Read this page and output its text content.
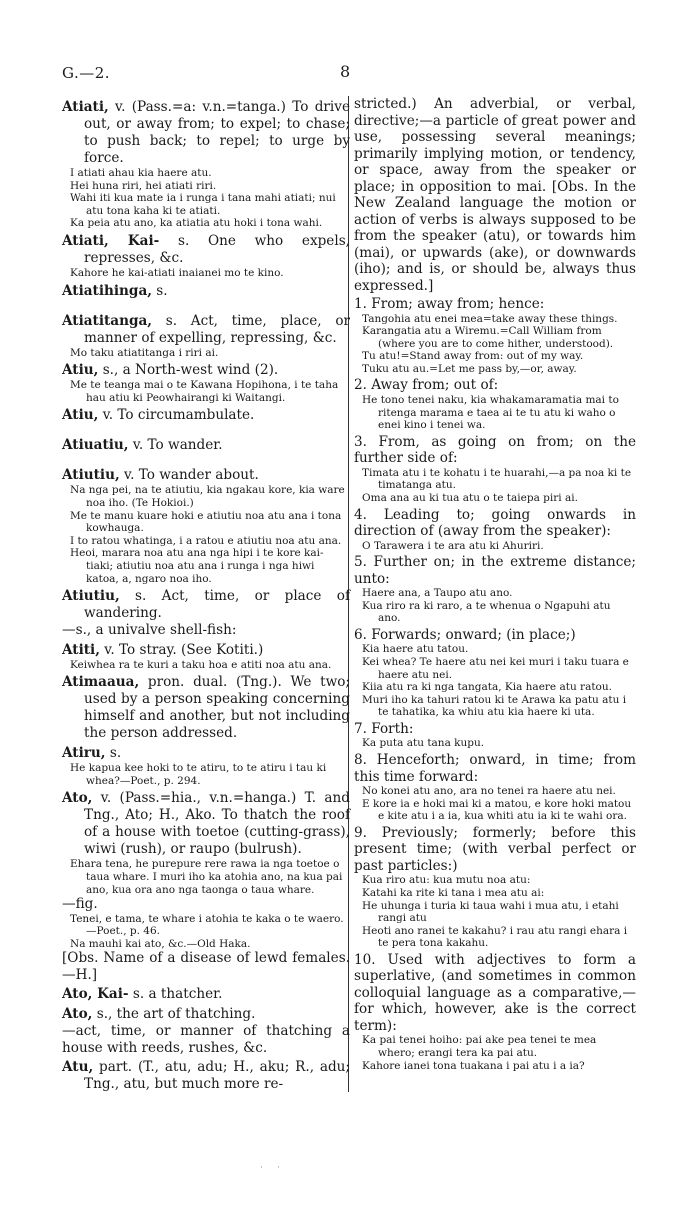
G.—2.	8

Atiati, v. (Pass.=a: v.n.=tanga.) To drive out, or away from; to expel; to chase; to push back; to repel; to urge by force.

I atiati ahau kia haere atu.

Hei huna riri, hei atiati riri.

Wahi iti kua mate ia i runga i tana mahi atiati; nui atu tona kaha ki te atiati.

Ka peia atu ano, ka atiatia atu hoki i tona wahi.

Atiati, Kai- s. One who expels, represses, &c.

Kahore he kai-atiati inaianei mo te kino.

Atiatihinga, s.

Atiatitanga, s. Act, time, place, or manner of expelling, repressing, &c.

Mo taku atiatitanga i riri ai.

Atiu, s., a North-west wind (2).

Me te teanga mai o te Kawana Hopihona, i te taha hau atiu ki Peowhairangi ki Waitangi.

Atiu, v. To circumambulate.

Atiuatiu, v. To wander.

Atiutiu, v. To wander about.

Na nga pei, na te atiutiu, kia ngakau kore, kia ware noa iho. (Te Hokioi.)

Me te manu kuare hoki e atiutiu noa atu ana i tona kowhauga.

I to ratou whatinga, i a ratou e atiutiu noa atu ana.

Heoi, marara noa atu ana nga hipi i te kore kai-tiaki; atiutiu noa atu ana i runga i nga hiwi katoa, a, ngaro noa iho.

Atiutiu, s. Act, time, or place of wandering.

—s., a univalve shell-fish:

Atiti, v. To stray. (See Kotiti.)

Keiwhea ra te kuri a taku hoa e atiti noa atu ana.

Atimaaua, pron. dual. (Tng.). We two; used by a person speaking concerning himself and another, but not including the person addressed.

Atiru, s.

He kapua kee hoki to te atiru, to te atiru i tau ki whea?—Poet., p. 294.

Ato, v. (Pass.=hia., v.n.=hanga.) T. and Tng., Ato; H., Ako. To thatch the roof of a house with toetoe (cutting-grass), wiwi (rush), or raupo (bulrush).

Ehara tena, he purepure rere rawa ia nga toetoe o taua whare. I muri iho ka atohia ano, na kua pai ano, kua ora ano nga taonga o taua whare.

—fig.

Tenei, e tama, te whare i atohia te kaka o te waero.—Poet., p. 46.

Na mauhi kai ato, &c.—Old Haka.

[Obs. Name of a disease of lewd females.—H.]

Ato, Kai- s. a thatcher.

Ato, s., the art of thatching.

—act, time, or manner of thatching a house with reeds, rushes, &c.

Atu, part. (T., atu, adu; H., aku; R., adu; Tng., atu, but much more re-

stricted.) An adverbial, or verbal, directive;—a particle of great power and use, possessing several meanings; primarily implying motion, or tendency, or space, away from the speaker or place; in opposition to mai. [Obs. In the New Zealand language the motion or action of verbs is always supposed to be from the speaker (atu), or towards him (mai), or upwards (ake), or downwards (iho); and is, or should be, always thus expressed.]

1. From; away from; hence:

Tangohia atu enei mea=take away these things.

Karangatia atu a Wiremu.=Call William from (where you are to come hither, understood).

Tu atu!=Stand away from: out of my way.

Tuku atu au.=Let me pass by,—or, away.

2. Away from; out of:

He tono tenei naku, kia whakamaramatia mai to ritenga marama e taea ai te tu atu ki waho o enei kino i tenei wa.

3. From, as going on from; on the further side of:

Timata atu i te kohatu i te huarahi,—a pa noa ki te timatanga atu.

Oma ana au ki tua atu o te taiepa piri ai.

4. Leading to; going onwards in direction of (away from the speaker):

O Tarawera i te ara atu ki Ahuriri.

5. Further on; in the extreme distance; unto:

Haere ana, a Taupo atu ano.

Kua riro ra ki raro, a te whenua o Ngapuhi atu ano.

6. Forwards; onward; (in place;)

Kia haere atu tatou.

Kei whea? Te haere atu nei kei muri i taku tuara e haere atu nei.

Kiia atu ra ki nga tangata, Kia haere atu ratou.

Muri iho ka tahuri ratou ki te Arawa ka patu atu i te tahatika, ka whiu atu kia haere ki uta.

7. Forth:

Ka puta atu tana kupu.

8. Henceforth; onward, in time; from this time forward:

No konei atu ano, ara no tenei ra haere atu nei.

E kore ia e hoki mai ki a matou, e kore hoki matou e kite atu i a ia, kua whiti atu ia ki te wahi ora.

9. Previously; formerly; before this present time; (with verbal perfect or past particles:)

Kua riro atu: kua mutu noa atu:

Katahi ka rite ki tana i mea atu ai:

He uhunga i turia ki taua wahi i mua atu, i etahi rangi atu

Heoti ano ranei te kakahu? i rau atu rangi ehara i te pera tona kakahu.

10. Used with adjectives to form a superlative, (and sometimes in common colloquial language as a comparative,—for which, however, ake is the correct term):

Ka pai tenei hoiho: pai ake pea tenei te mea whero; erangi tera ka pai atu.

Kahore ianei tona tuakana i pai atu i a ia?

·     ·
